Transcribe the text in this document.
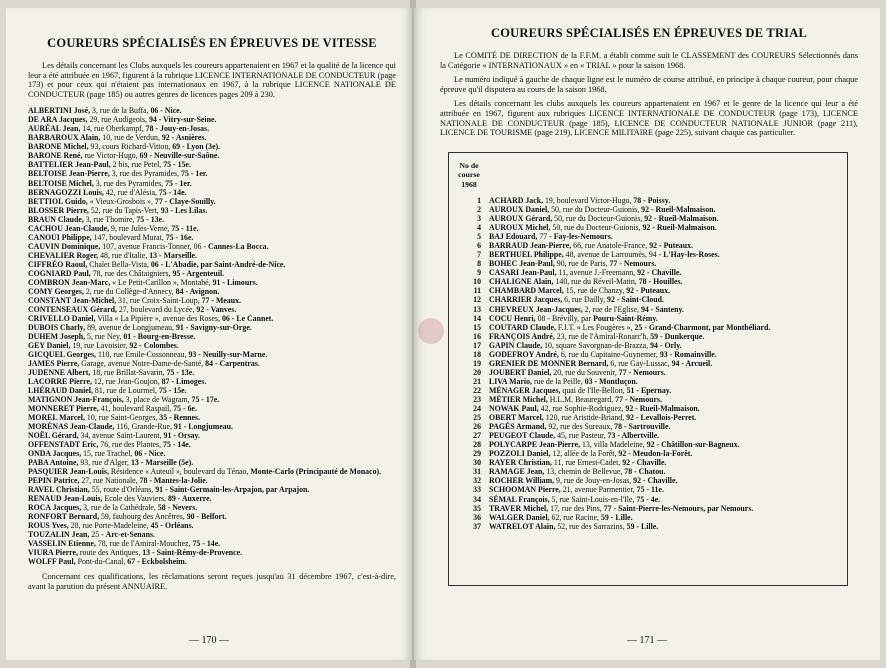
COUREURS SPÉCIALISÉS EN ÉPREUVES DE VITESSE

Les détails concernant les Clubs auxquels les coureurs appartenaient en 1967 et la qualité de la licence qui leur a été attribuée en 1967, figurent à la rubrique LICENCE INTERNATIONALE DE CONDUCTEUR (page 173) et pour ceux qui n'étaient pas internationaux en 1967, à la rubrique LICENCE NATIONALE DE CONDUCTEUR (page 185) ou autres genres de licences pages 209 à 230.

ALBERTINI José, 3, rue de la Buffa, 06 - Nice.
DE ARA Jacques, 29, rue Audigeois, 94 - Vitry-sur-Seine.
AURÉAL Jean, 14, rue Oberkampf, 78 - Jouy-en-Josas.
BARBAROUX Alain, 10, rue de Verdun, 92 - Asnières.
BARONE Michel, 93, cours Richard-Vitton, 69 - Lyon (3e).
BARONE René, rue Victor-Hugo, 69 - Neuville-sur-Saône.
BATTELIER Jean-Paul, 2 bis, rue Petel, 75 - 15e.
BELTOISE Jean-Pierre, 3, rue des Pyramides, 75 - 1er.
BELTOISE Michel, 3, rue des Pyramides, 75 - 1er.
BERNAGOZZI Louis, 42, rue d'Alésia, 75 - 14e.
BETTIOL Guido, « Vieux-Grosbois », 77 - Claye-Souilly.
BLOSSER Pierre, 52, rue du Tapis-Vert, 93 - Les Lilas.
BRAUN Claude, 3, rue Thomire, 75 - 13e.
CACHOU Jean-Claude, 9, rue Jules-Verne, 75 - 11e.
CANOUI Philippe, 147, boulevard Murat, 75 - 16e.
CAUVIN Dominique, 107, avenue Francis-Tonner, 06 - Cannes-La Bocca.
CHEVALIER Roger, 48, rue d'Italie, 13 - Marseille.
CIFFRÉO Raoul, Chalet Bella-Vista, 06 - L'Abadie, par Saint-André-de-Nice.
COGNIARD Paul, 78, rue des Châtaigniers, 95 - Argenteuil.
COMBRON Jean-Marc, « Le Petit-Carillon », Montabé, 91 - Limours.
COMY Georges, 2, rue du Collège-d'Annecy, 84 - Avignon.
CONSTANT Jean-Michel, 31, rue Croix-Saint-Loup, 77 - Meaux.
CONTENSEAUX Gérard, 27, boulevard du Lycée, 92 - Vanves.
CRIVELLO Daniel, Villa « La Pipière », avenue des Roses, 06 - Le Cannet.
DUBOIS Charly, 89, avenue de Longjumeau, 91 - Savigny-sur-Orge.
DUHEM Joseph, 5, rue Ney, 01 - Bourg-en-Bresse.
GEY Daniel, 19, rue Lavoisier, 92 - Colombes.
GICQUEL Georges, 110, rue Emile-Cossonneau, 93 - Neuilly-sur-Marne.
JAMES Pierre, Garage, avenue Notre-Dame-de-Santé, 84 - Carpentras.
JUDENNE Albert, 18, rue Brillat-Savarin, 75 - 13e.
LACORRE Pierre, 12, rue Jean-Goujon, 87 - Limoges.
LHÉRAUD Daniel, 81, rue de Lourmel, 75 - 15e.
MATIGNON Jean-François, 3, place de Wagram, 75 - 17e.
MONNERET Pierre, 41, boulevard Raspail, 75 - 6e.
MOREL Marcel, 10, rue Saint-Georges, 35 - Rennes.
MORÉNAS Jean-Claude, 116, Grande-Rue, 91 - Longjumeau.
NOËL Gérard, 34, avenue Saint-Laurent, 91 - Orsay.
OFFENSTADT Eric, 76, rue des Plantes, 75 - 14e.
ONDA Jacques, 15, rue Trachel, 06 - Nice.
PABA Antoine, 93, rue d'Alger, 13 - Marseille (5e).
PASQUIER Jean-Louis, Résidence « Auteuil », boulevard du Ténao, Monte-Carlo (Principauté de Monaco).
PEPIN Patrice, 27, rue Nationale, 78 - Mantes-la-Jolie.
RAVEL Christian, 55, route d'Orléans, 91 - Saint-Germain-les-Arpajon, par Arpajon.
RENAUD Jean-Louis, Ecole des Vauviers, 89 - Auxerre.
ROCA Jacques, 3, rue de la Cathédrale, 58 - Nevers.
RONFORT Bernard, 59, faubourg des Ancêtres, 90 - Belfort.
ROUS Yves, 28, rue Porte-Madeleine, 45 - Orléans.
TOUZALIN Jean, 25 - Arc-et-Senans.
VASSELIN Etienne, 78, rue de l'Amiral-Mouchez, 75 - 14e.
VIURA Pierre, route des Antiques, 13 - Saint-Rémy-de-Provence.
WOLFF Paul, Pont-du-Canal, 67 - Eckbolsheim.

Concernant ces qualifications, les réclamations seront reçues jusqu'au 31 décembre 1967, c'est-à-dire, avant la parution du présent ANNUAIRE.

— 170 —
COUREURS SPÉCIALISÉS EN ÉPREUVES DE TRIAL

Le COMITÉ DE DIRECTION de la F.F.M. a établi comme suit le CLASSEMENT des COUREURS Sélectionnés dans la Catégorie « INTERNATIONAUX » en « TRIAL » pour la saison 1968.

Le numéro indiqué à gauche de chaque ligne est le numéro de course attribué, en principe à chaque coureur, pour chaque épreuve qu'il disputera au cours de la saison 1968.

Les détails concernant les clubs auxquels les coureurs appartenaient en 1967 et le genre de la licence qui leur a été attribuée en 1967, figurent aux rubriques LICENCE INTERNATIONALE DE CONDUCTEUR (page 173), LICENCE NATIONALE DE CONDUCTEUR (page 185), LICENCE DE CONDUCTEUR NATIONALE JUNIOR (page 211), LICENCE DE TOURISME (page 219), LICENCE MILITAIRE (page 225), suivant chaque cas particulier.

No de course 1968
1	ACHARD Jack, 19, boulevard Victor-Hugo, 78 - Poissy.
2	AUROUX Daniel, 50, rue du Docteur-Guionis, 92 - Rueil-Malmaison.
3	AUROUX Gérard, 50, rue du Docteur-Guionis, 92 - Rueil-Malmaison.
4	AUROUX Michel, 50, rue du Docteur-Guionis, 92 - Rueil-Malmaison.
5	BAJ Edouard, 77 - Fay-les-Nemours.
6	BARRAUD Jean-Pierre, 66, rue Anatole-France, 92 - Puteaux.
7	BERTHUEL Philippe, 48, avenue de Larroumès, 94 - L'Hay-les-Roses.
8	BOHEC Jean-Paul, 90, rue de Paris, 77 - Nemours.
9	CASARI Jean-Paul, 11, avenue J.-Freemann, 92 - Chaville.
10	CHALIGNE Alain, 140, rue du Réveil-Matin, 78 - Houilles.
11	CHAMBARD Marcel, 15, rue de Chanzy, 92 - Puteaux.
12	CHARRIER Jacques, 6, rue Dailly, 92 - Saint-Cloud.
13	CHEVREUX Jean-Jacques, 2, rue de l'Eglise, 94 - Santeny.
14	COCU Henri, 08 - Brévilly, par Pouru-Saint-Rémy.
15	COUTARD Claude, F.J.T. « Les Fougères », 25 - Grand-Charmont, par Montbéliard.
16	FRANÇOIS André, 23, rue de l'Amiral-Ronarc'h, 59 - Dunkerque.
17	GAPIN Claude, 10, square Savorgnan-de-Brazza, 94 - Orly.
18	GODEFROY André, 6, rue du Capitaine-Guynemer, 93 - Romainville.
19	GRENIER DE MONNER Bernard, 6, rue Gay-Lussac, 94 - Arcueil.
20	JOUBERT Daniel, 20, rue du Souvenir, 77 - Nemours.
21	LIVA Mario, rue de la Peille, 03 - Montluçon.
22	MÉNAGER Jacques, quai de l'Ile-Bellon, 51 - Epernay.
23	MÉTIER Michel, H.L.M. Beauregard, 77 - Nemours.
24	NOWAK Paul, 42, rue Sophie-Rodriguez, 92 - Rueil-Malmaison.
25	OBERT Marcel, 120, rue Aristide-Briand, 92 - Levallois-Perret.
26	PAGÈS Armand, 92, rue des Sureaux, 78 - Sartrouville.
27	PEUGEOT Claude, 45, rue Pasteur, 73 - Albertville.
28	POLYCARPE Jean-Pierre, 13, villa Madeleine, 92 - Châtillon-sur-Bagneux.
29	POZZOLI Daniel, 12, allée de la Forêt, 92 - Meudon-la-Forêt.
30	RAYER Christian, 11, rue Ernest-Cadet, 92 - Chaville.
31	RAMAGE Jean, 13, chemin de Bellevue, 78 - Chatou.
32	ROCHER William, 9, rue de Jouy-en-Josas, 92 - Chaville.
33	SCHOOMAN Pierre, 21, avenue Parmentier, 75 - 11e.
34	SÉMAL François, 5, rue Saint-Louis-en-l'Ile, 75 - 4e.
35	TRAVER Michel, 17, rue des Pins, 77 - Saint-Pierre-les-Nemours, par Nemours.
36	WALGER Daniel, 62, rue Racine, 59 - Lille.
37	WATRELOT Alain, 52, rue des Sarrazins, 59 - Lille.
— 171 —
